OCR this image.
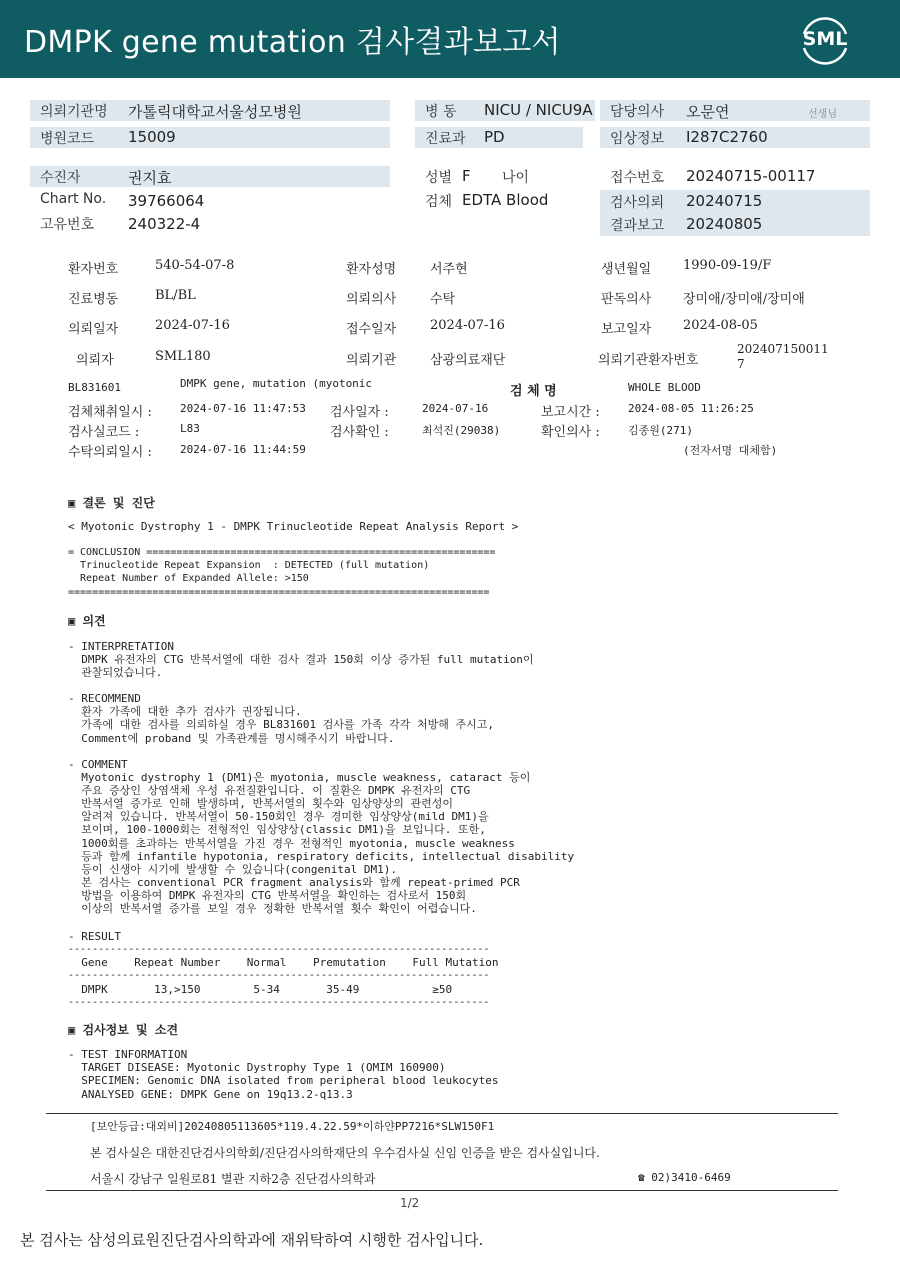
DMPK gene mutation 검사결과보고서	SML
의뢰기관명 가톨릭대학교서울성모병원	병 동 NICU / NICU9A 담당의사 오문연	선생님
병원코드 15009	진료과 PD	임상정보 I287C2760
수진자	권지효	성별 F 나이	접수번호 20240715-00117
Chart No. 39766064	검체 EDTA Blood	검사의뢰 20240715
고유번호 240322-4	결과보고 20240805
환자번호	540-54-07-8	환자성명	서주현	생년월일 1990-09-19/F
진료병동	BL/BL	의뢰의사	수탁	판독의사 장미애/장미애/장미애
의뢰일자	2024-07-16	접수일자	2024-07-16	보고일자 2024-08-05
의뢰자	SML180	의뢰기관	삼광의료재단	의뢰기관환자번호
202407150011
7
BL831601	DMPK gene, mutation (myotonic
검 체 명	WHOLE BLOOD
검체채취일시 :	2024-07-16 11:47:53 검사일자 :	2024-07-16	보고시간 :	2024-08-05 11:26:25
검사실코드 :	L83	검사확인 :	최석진(29038)	확인의사 :	김종원(271)
수탁의뢰일시 :	2024-07-16 11:44:59	(전자서명 대체함)
▣ 결론 및 진단
< Myotonic Dystrophy 1 - DMPK Trinucleotide Repeat Analysis Report >
= CONCLUSION ==========================================================
Trinucleotide Repeat Expansion  : DETECTED (full mutation)
Repeat Number of Expanded Allele: >150
======================================================================
▣ 의견
- INTERPRETATION
DMPK 유전자의 CTG 반복서열에 대한 검사 결과 150회 이상 증가된 full mutation이
관찰되었습니다.
- RECOMMEND
환자 가족에 대한 추가 검사가 권장됩니다.
가족에 대한 검사를 의뢰하실 경우 BL831601 검사를 가족 각각 처방해 주시고,
Comment에 proband 및 가족관계를 명시해주시기 바랍니다.
- COMMENT
Myotonic dystrophy 1 (DM1)은 myotonia, muscle weakness, cataract 등이
주요 증상인 상염색체 우성 유전질환입니다. 이 질환은 DMPK 유전자의 CTG
반복서열 증가로 인해 발생하며, 반복서열의 횟수와 임상양상의 관련성이
알려져 있습니다. 반복서열이 50-150회인 경우 경미한 임상양상(mild DM1)을
보이며, 100-1000회는 전형적인 임상양상(classic DM1)을 보입니다. 또한,
1000회를 초과하는 반복서열을 가진 경우 전형적인 myotonia, muscle weakness
등과 함께 infantile hypotonia, respiratory deficits, intellectual disability
등이 신생아 시기에 발생할 수 있습니다(congenital DM1).
본 검사는 conventional PCR fragment analysis와 함께 repeat-primed PCR
방법을 이용하여 DMPK 유전자의 CTG 반복서열을 확인하는 검사로서 150회
이상의 반복서열 증가를 보일 경우 정확한 반복서열 횟수 확인이 어렵습니다.
- RESULT
----------------------------------------------------------------------
Gene    Repeat Number    Normal    Premutation    Full Mutation
----------------------------------------------------------------------
DMPK       13,>150        5-34       35-49           ≥50
----------------------------------------------------------------------
▣ 검사정보 및 소견
- TEST INFORMATION
TARGET DISEASE: Myotonic Dystrophy Type 1 (OMIM 160900)
SPECIMEN: Genomic DNA isolated from peripheral blood leukocytes
ANALYSED GENE: DMPK Gene on 19q13.2-q13.3
[보안등급:대외비]20240805113605*119.4.22.59*이하얀PP7216*SLW150F1
본 검사실은 대한진단검사의학회/진단검사의학재단의 우수검사실 신임 인증을 받은 검사실입니다.
서울시 강남구 일원로81 별관 지하2층 진단검사의학과	☎ 02)3410-6469
1/2
본 검사는 삼성의료원진단검사의학과에 재위탁하여 시행한 검사입니다.
